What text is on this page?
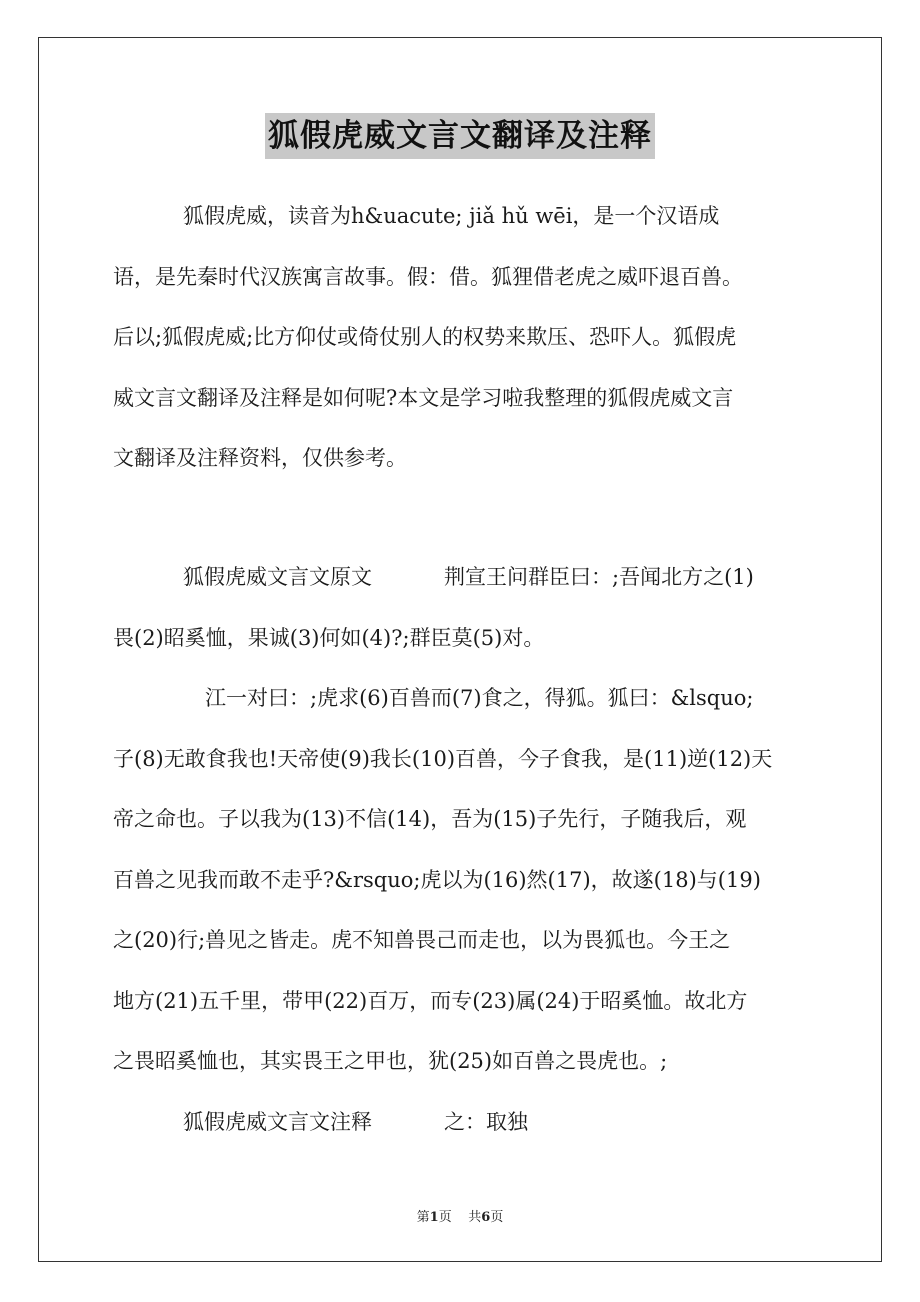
狐假虎威文言文翻译及注释
狐假虎威，读音为h&uacute; jiǎ hǔ wēi，是一个汉语成
语，是先秦时代汉族寓言故事。假：借。狐狸借老虎之威吓退百兽。
后以;狐假虎威;比方仰仗或倚仗别人的权势来欺压、恐吓人。狐假虎
威文言文翻译及注释是如何呢?本文是学习啦我整理的狐假虎威文言
文翻译及注释资料，仅供参考。
狐假虎威文言文原文	荆宣王问群臣曰：;吾闻北方之(1)
畏(2)昭奚恤，果诚(3)何如(4)?;群臣莫(5)对。
江一对曰：;虎求(6)百兽而(7)食之，得狐。狐曰：&lsquo;
子(8)无敢食我也!天帝使(9)我长(10)百兽，今子食我，是(11)逆(12)天
帝之命也。子以我为(13)不信(14)，吾为(15)子先行，子随我后，观
百兽之见我而敢不走乎?&rsquo;虎以为(16)然(17)，故遂(18)与(19)
之(20)行;兽见之皆走。虎不知兽畏己而走也，以为畏狐也。今王之
地方(21)五千里，带甲(22)百万，而专(23)属(24)于昭奚恤。故北方
之畏昭奚恤也，其实畏王之甲也，犹(25)如百兽之畏虎也。;
狐假虎威文言文注释	之：取独
第1页 共6页
